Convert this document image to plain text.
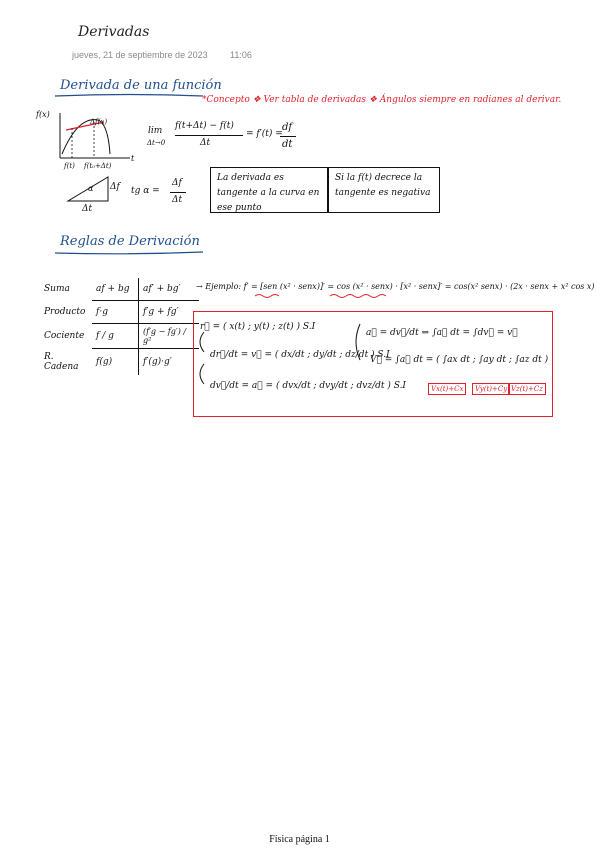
Derivadas
jueves, 21 de septiembre de 2023 11:06
Derivada de una función
*Concepto ❖ Ver tabla de derivadas ❖ Ángulos siempre en radianes al derivar.
f(x)
Δf(x)
t
f(t) f(t₀+Δt)
lim
Δt→0
f(t+Δt) − f(t)
Δt
= f′(t) =
df
dt
α Δf
Δt
tg α =
Δf
Δt
La derivada es tangente a la curva en ese punto
Si la f(t) decrece la tangente es negativa
Reglas de Derivación
Suma	af + bg	af′ + bg′
Producto	f·g	f′g + fg′
Cociente	f / g	(f′g − fg′) / g²
R. Cadena	f(g)	f′(g)·g′
→ Ejemplo: f′ = [sen (x² · senx)]′ = cos (x² · senx) · [x² · senx]′ = cos(x² senx) · (2x · senx + x² cos x)
r⃗ = ( x(t) ; y(t) ; z(t) ) S.I
dr⃗/dt = v⃗ = ( dx/dt ; dy/dt ; dz/dt ) S.I
dv⃗/dt = a⃗ = ( dvx/dt ; dvy/dt ; dvz/dt ) S.I
a⃗ = dv⃗/dt ⇒ ∫a⃗ dt = ∫dv⃗ = v⃗
V⃗ = ∫a⃗ dt = ( ∫ax dt ; ∫ay dt ; ∫az dt )
Vx(t)+Cx	Vy(t)+Cy Vz(t)+Cz
Física página 1
